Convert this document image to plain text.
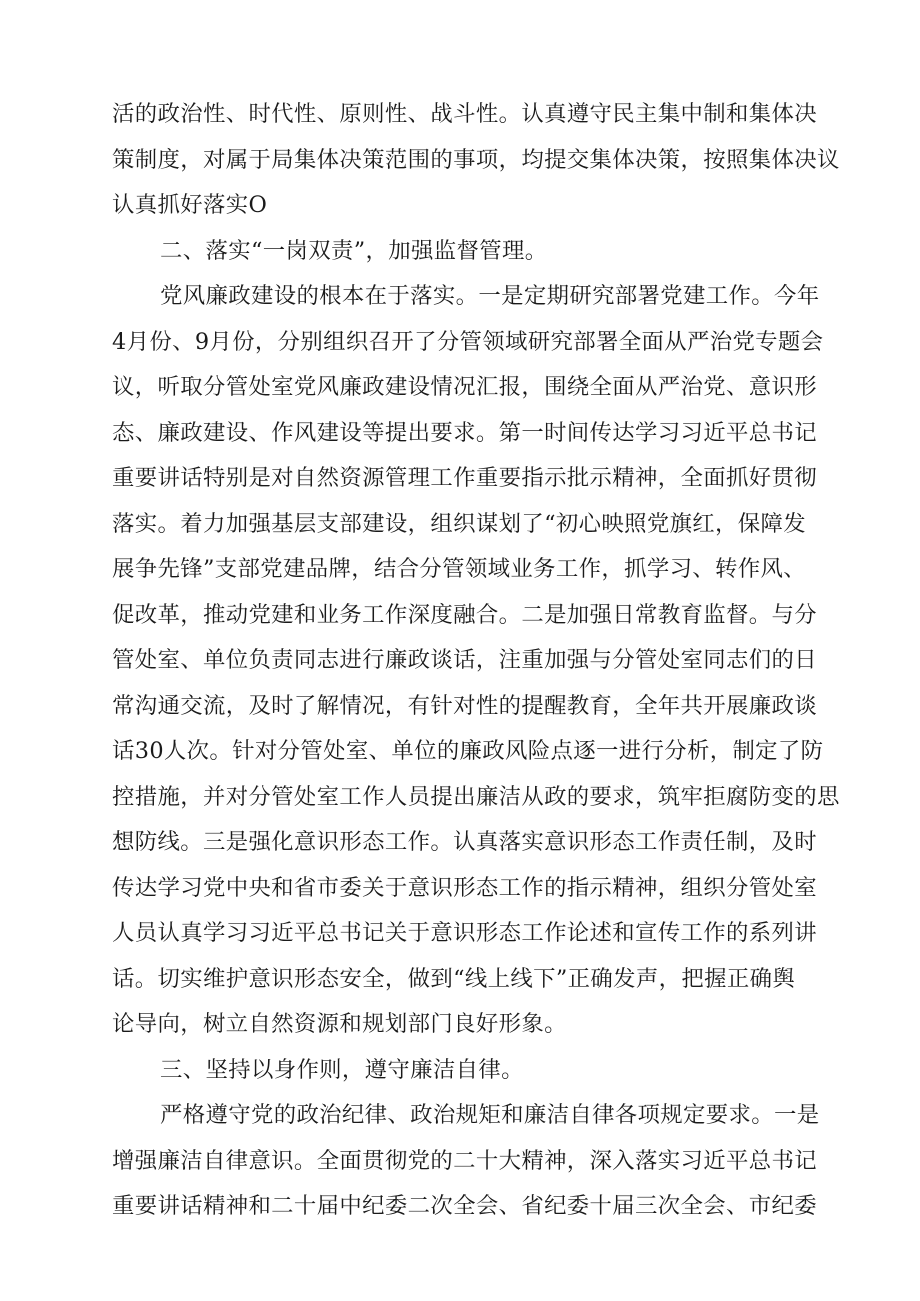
活的政治性、时代性、原则性、战斗性。认真遵守民主集中制和集体决
策制度，对属于局集体决策范围的事项，均提交集体决策，按照集体决议
认真抓好落实O
二、落实“一岗双责”，加强监督管理。
党风廉政建设的根本在于落实。一是定期研究部署党建工作。今年
4月份、9月份，分别组织召开了分管领域研究部署全面从严治党专题会
议，听取分管处室党风廉政建设情况汇报，围绕全面从严治党、意识形
态、廉政建设、作风建设等提出要求。第一时间传达学习习近平总书记
重要讲话特别是对自然资源管理工作重要指示批示精神，全面抓好贯彻
落实。着力加强基层支部建设，组织谋划了“初心映照党旗红，保障发
展争先锋”支部党建品牌，结合分管领域业务工作，抓学习、转作风、
促改革，推动党建和业务工作深度融合。二是加强日常教育监督。与分
管处室、单位负责同志进行廉政谈话，注重加强与分管处室同志们的日
常沟通交流，及时了解情况，有针对性的提醒教育，全年共开展廉政谈
话30人次。针对分管处室、单位的廉政风险点逐一进行分析，制定了防
控措施，并对分管处室工作人员提出廉洁从政的要求，筑牢拒腐防变的思
想防线。三是强化意识形态工作。认真落实意识形态工作责任制，及时
传达学习党中央和省市委关于意识形态工作的指示精神，组织分管处室
人员认真学习习近平总书记关于意识形态工作论述和宣传工作的系列讲
话。切实维护意识形态安全，做到“线上线下”正确发声，把握正确舆
论导向，树立自然资源和规划部门良好形象。
三、坚持以身作则，遵守廉洁自律。
严格遵守党的政治纪律、政治规矩和廉洁自律各项规定要求。一是
增强廉洁自律意识。全面贯彻党的二十大精神，深入落实习近平总书记
重要讲话精神和二十届中纪委二次全会、省纪委十届三次全会、市纪委
